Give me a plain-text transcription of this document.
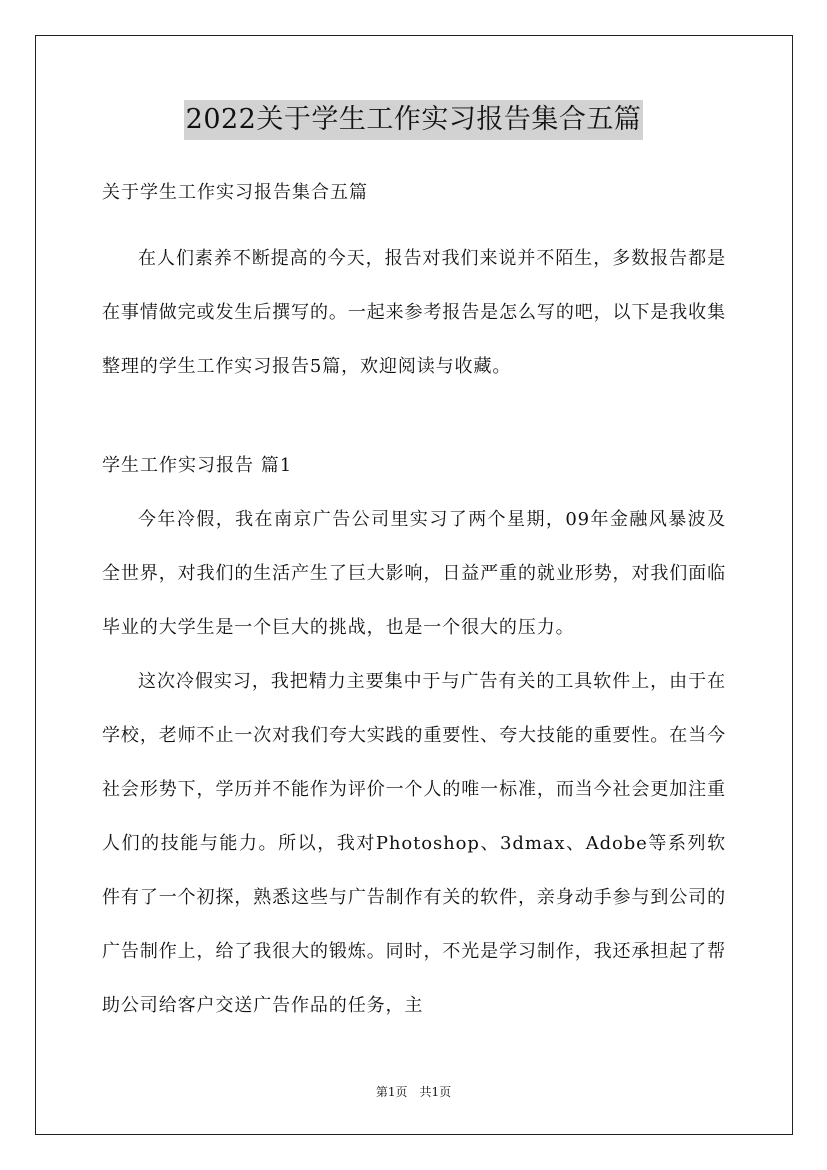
2022关于学生工作实习报告集合五篇
关于学生工作实习报告集合五篇

在人们素养不断提高的今天，报告对我们来说并不陌生，多数报告都是在事情做完或发生后撰写的。一起来参考报告是怎么写的吧，以下是我收集整理的学生工作实习报告5篇，欢迎阅读与收藏。

学生工作实习报告 篇1

今年冷假，我在南京广告公司里实习了两个星期，09年金融风暴波及全世界，对我们的生活产生了巨大影响，日益严重的就业形势，对我们面临毕业的大学生是一个巨大的挑战，也是一个很大的压力。

这次冷假实习，我把精力主要集中于与广告有关的工具软件上，由于在学校，老师不止一次对我们夸大实践的重要性、夸大技能的重要性。在当今社会形势下，学历并不能作为评价一个人的唯一标准，而当今社会更加注重人们的技能与能力。所以，我对Photoshop、3dmax、Adobe等系列软件有了一个初探，熟悉这些与广告制作有关的软件，亲身动手参与到公司的广告制作上，给了我很大的锻炼。同时，不光是学习制作，我还承担起了帮助公司给客户交送广告作品的任务，主

第1页 共1页
